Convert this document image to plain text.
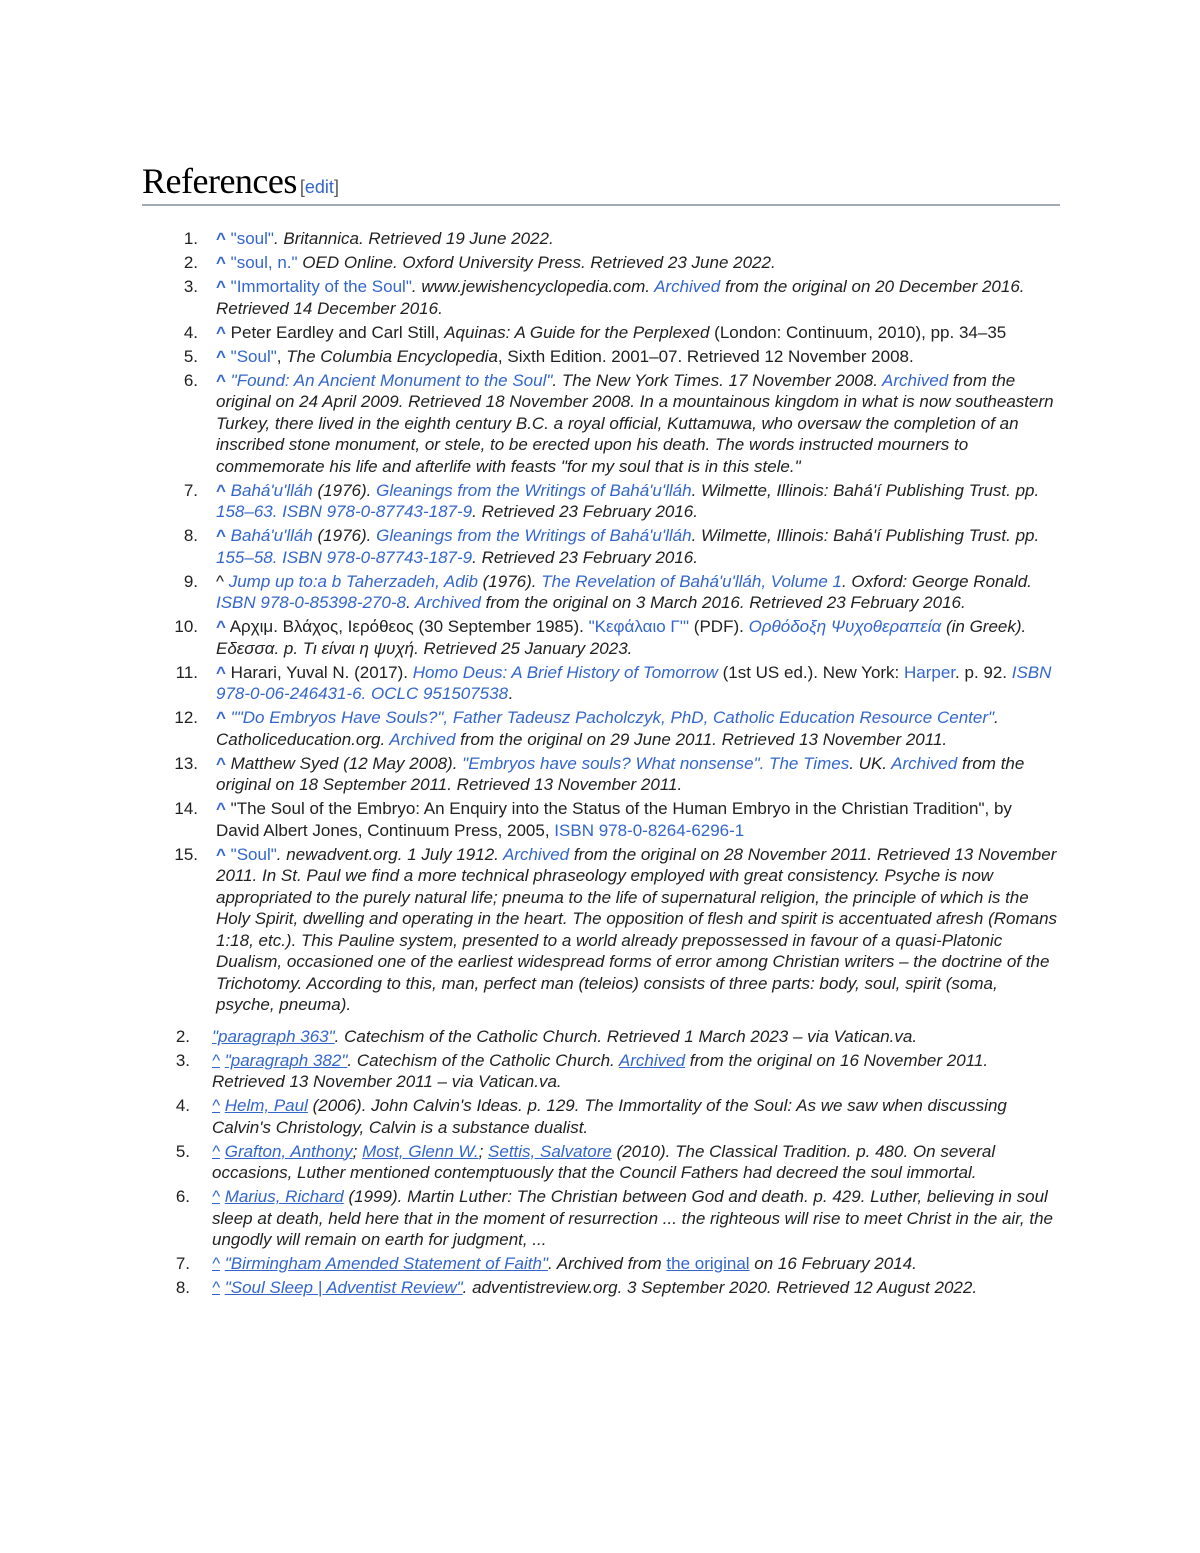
References [edit]
1. ^ "soul". Britannica. Retrieved 19 June 2022.
2. ^ "soul, n." OED Online. Oxford University Press. Retrieved 23 June 2022.
3. ^ "Immortality of the Soul". www.jewishencyclopedia.com. Archived from the original on 20 December 2016. Retrieved 14 December 2016.
4. ^ Peter Eardley and Carl Still, Aquinas: A Guide for the Perplexed (London: Continuum, 2010), pp. 34–35
5. ^ "Soul", The Columbia Encyclopedia, Sixth Edition. 2001–07. Retrieved 12 November 2008.
6. ^ "Found: An Ancient Monument to the Soul". The New York Times. 17 November 2008. Archived from the original on 24 April 2009. Retrieved 18 November 2008. In a mountainous kingdom in what is now southeastern Turkey, there lived in the eighth century B.C. a royal official, Kuttamuwa, who oversaw the completion of an inscribed stone monument, or stele, to be erected upon his death. The words instructed mourners to commemorate his life and afterlife with feasts "for my soul that is in this stele."
7. ^ Bahá'u'lláh (1976). Gleanings from the Writings of Bahá'u'lláh. Wilmette, Illinois: Bahá'í Publishing Trust. pp. 158–63. ISBN 978-0-87743-187-9. Retrieved 23 February 2016.
8. ^ Bahá'u'lláh (1976). Gleanings from the Writings of Bahá'u'lláh. Wilmette, Illinois: Bahá'í Publishing Trust. pp. 155–58. ISBN 978-0-87743-187-9. Retrieved 23 February 2016.
9. ^ Jump up to:a b Taherzadeh, Adib (1976). The Revelation of Bahá'u'lláh, Volume 1. Oxford: George Ronald. ISBN 978-0-85398-270-8. Archived from the original on 3 March 2016. Retrieved 23 February 2016.
10. ^ Αρχιμ. Βλάχος, Ιερόθεος (30 September 1985). "Κεφάλαιο Γ'" (PDF). Ορθόδοξη Ψυχοθεραπεία (in Greek). Εδεσσα. p. Τι είναι η ψυχή. Retrieved 25 January 2023.
11. ^ Harari, Yuval N. (2017). Homo Deus: A Brief History of Tomorrow (1st US ed.). New York: Harper. p. 92. ISBN 978-0-06-246431-6. OCLC 951507538.
12. ^ ""Do Embryos Have Souls?", Father Tadeusz Pacholczyk, PhD, Catholic Education Resource Center". Catholiceducation.org. Archived from the original on 29 June 2011. Retrieved 13 November 2011.
13. ^ Matthew Syed (12 May 2008). "Embryos have souls? What nonsense". The Times. UK. Archived from the original on 18 September 2011. Retrieved 13 November 2011.
14. ^ "The Soul of the Embryo: An Enquiry into the Status of the Human Embryo in the Christian Tradition", by David Albert Jones, Continuum Press, 2005, ISBN 978-0-8264-6296-1
15. ^ "Soul". newadvent.org. 1 July 1912. Archived from the original on 28 November 2011. Retrieved 13 November 2011. In St. Paul we find a more technical phraseology employed with great consistency. Psyche is now appropriated to the purely natural life; pneuma to the life of supernatural religion, the principle of which is the Holy Spirit, dwelling and operating in the heart. The opposition of flesh and spirit is accentuated afresh (Romans 1:18, etc.). This Pauline system, presented to a world already prepossessed in favour of a quasi-Platonic Dualism, occasioned one of the earliest widespread forms of error among Christian writers – the doctrine of the Trichotomy. According to this, man, perfect man (teleios) consists of three parts: body, soul, spirit (soma, psyche, pneuma).
2. "paragraph 363". Catechism of the Catholic Church. Retrieved 1 March 2023 – via Vatican.va.
3. ^ "paragraph 382". Catechism of the Catholic Church. Archived from the original on 16 November 2011. Retrieved 13 November 2011 – via Vatican.va.
4. ^ Helm, Paul (2006). John Calvin's Ideas. p. 129. The Immortality of the Soul: As we saw when discussing Calvin's Christology, Calvin is a substance dualist.
5. ^ Grafton, Anthony; Most, Glenn W.; Settis, Salvatore (2010). The Classical Tradition. p. 480. On several occasions, Luther mentioned contemptuously that the Council Fathers had decreed the soul immortal.
6. ^ Marius, Richard (1999). Martin Luther: The Christian between God and death. p. 429. Luther, believing in soul sleep at death, held here that in the moment of resurrection ... the righteous will rise to meet Christ in the air, the ungodly will remain on earth for judgment, ...
7. ^ "Birmingham Amended Statement of Faith". Archived from the original on 16 February 2014.
8. ^ "Soul Sleep | Adventist Review". adventistreview.org. 3 September 2020. Retrieved 12 August 2022.
